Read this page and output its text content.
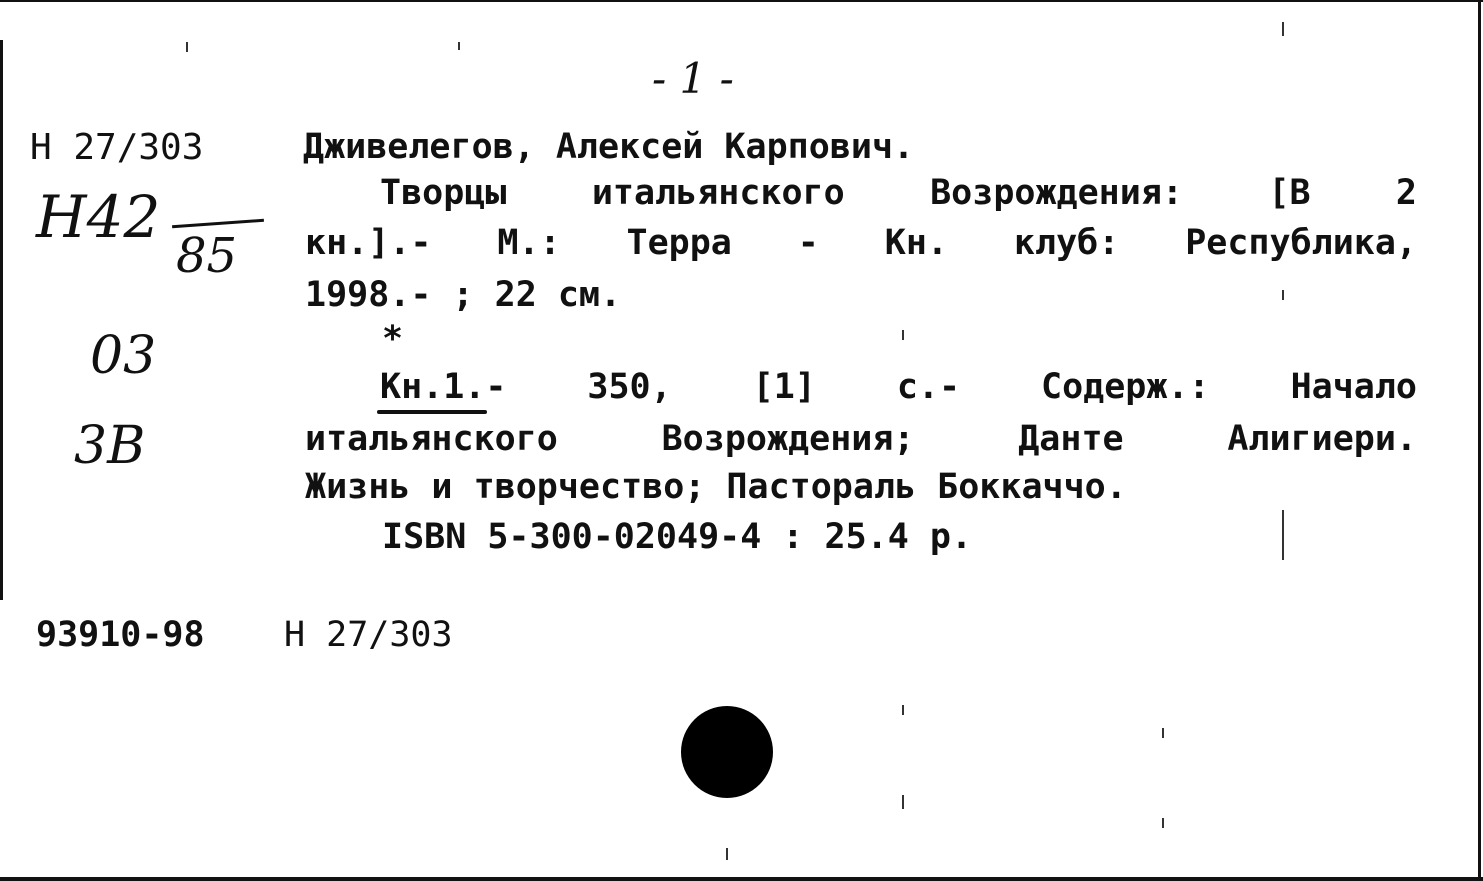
- 1 -
Н 27/303
Н42
85
03
3В
Дживелегов, Алексей Карпович.
Творцы итальянского Возрождения: [В 2
кн.].- М.: Терра - Кн. клуб: Республика,
1998.- ; 22 см.
*
Кн.1.- 350, [1] с.- Содерж.: Начало
итальянского Возрождения; Данте Алигиери.
Жизнь и творчество; Пастораль Боккаччо.
ISBN 5-300-02049-4 : 25.4 р.
93910-98 Н 27/303
